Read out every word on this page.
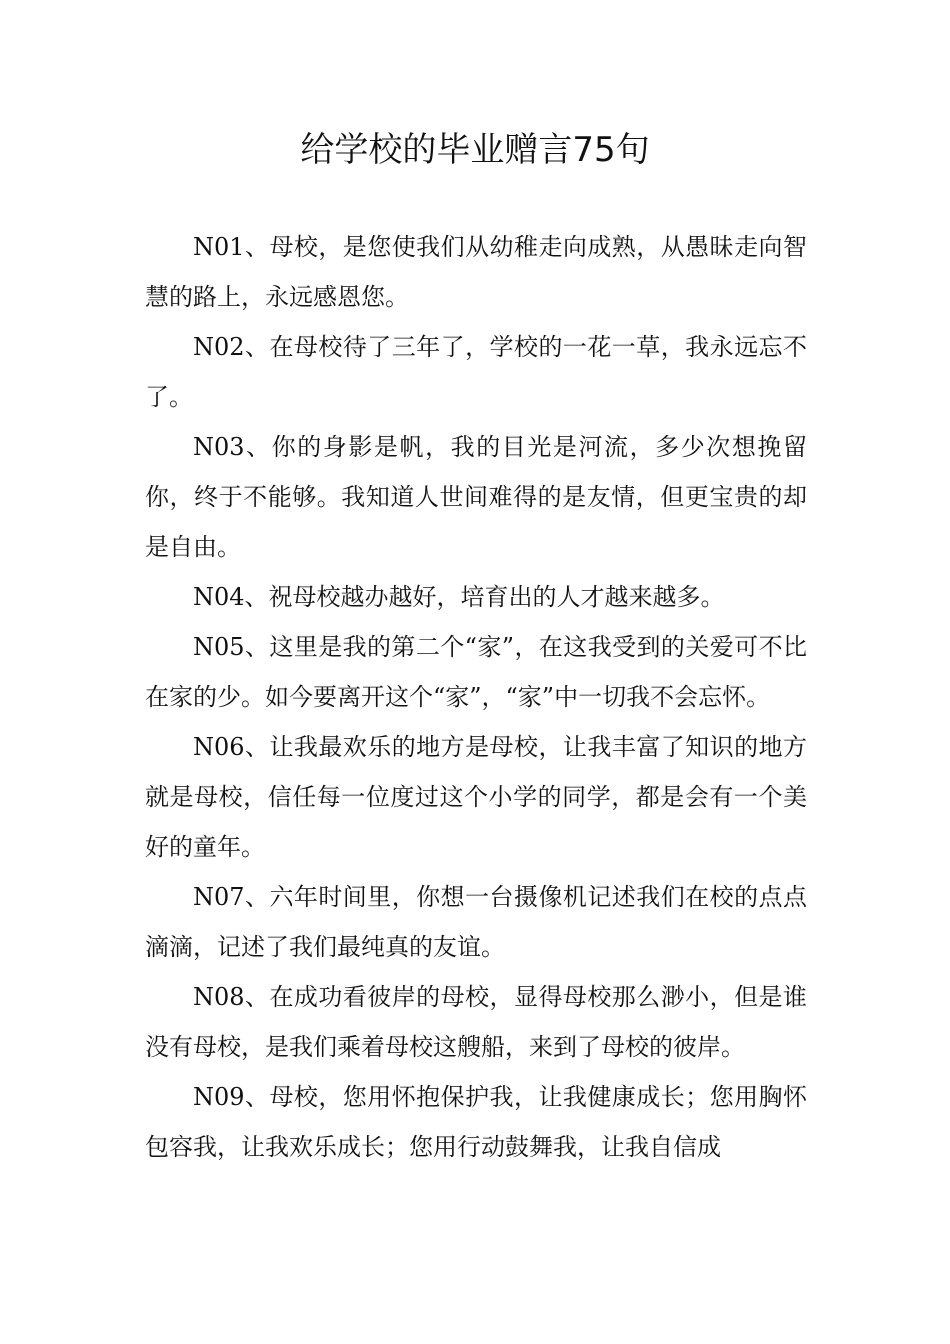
给学校的毕业赠言75句

N01、母校，是您使我们从幼稚走向成熟，从愚昧走向智慧的路上，永远感恩您。

N02、在母校待了三年了，学校的一花一草，我永远忘不了。

N03、你的身影是帆，我的目光是河流，多少次想挽留你，终于不能够。我知道人世间难得的是友情，但更宝贵的却是自由。

N04、祝母校越办越好，培育出的人才越来越多。

N05、这里是我的第二个“家”，在这我受到的关爱可不比在家的少。如今要离开这个“家”，“家”中一切我不会忘怀。

N06、让我最欢乐的地方是母校，让我丰富了知识的地方就是母校，信任每一位度过这个小学的同学，都是会有一个美好的童年。

N07、六年时间里，你想一台摄像机记述我们在校的点点滴滴，记述了我们最纯真的友谊。

N08、在成功看彼岸的母校，显得母校那么渺小，但是谁没有母校，是我们乘着母校这艘船，来到了母校的彼岸。

N09、母校，您用怀抱保护我，让我健康成长；您用胸怀包容我，让我欢乐成长；您用行动鼓舞我，让我自信成
